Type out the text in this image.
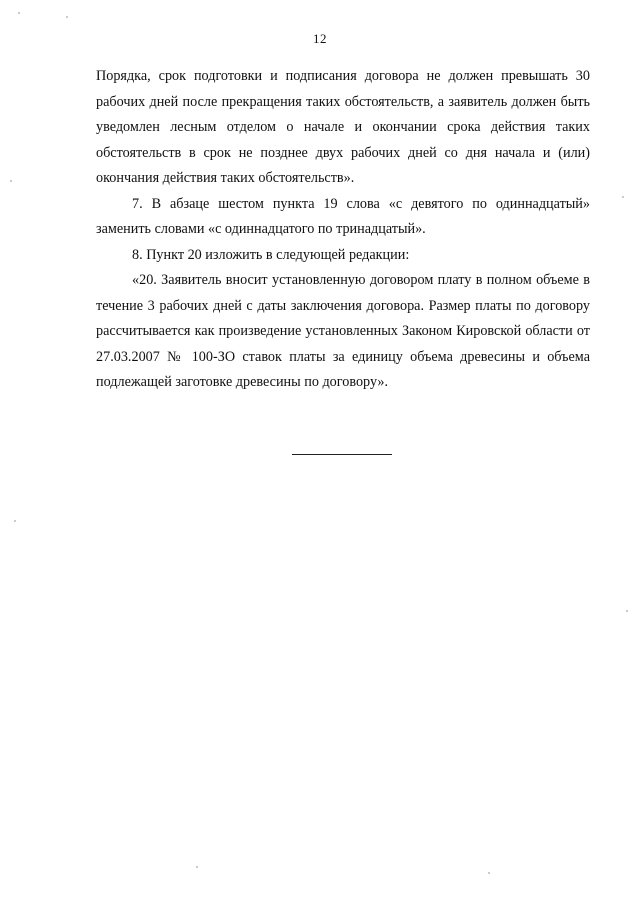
12

Порядка, срок подготовки и подписания договора не должен превышать 30 рабочих дней после прекращения таких обстоятельств, а заявитель должен быть уведомлен лесным отделом о начале и окончании срока действия таких обстоятельств в срок не позднее двух рабочих дней со дня начала и (или) окончания действия таких обстоятельств».

7. В абзаце шестом пункта 19 слова «с девятого по одиннадцатый» заменить словами «с одиннадцатого по тринадцатый».

8. Пункт 20 изложить в следующей редакции:

«20. Заявитель вносит установленную договором плату в полном объеме в течение 3 рабочих дней с даты заключения договора. Размер платы по договору рассчитывается как произведение установленных Законом Кировской области от 27.03.2007 № 100-ЗО ставок платы за единицу объема древесины и объема подлежащей заготовке древесины по договору».
